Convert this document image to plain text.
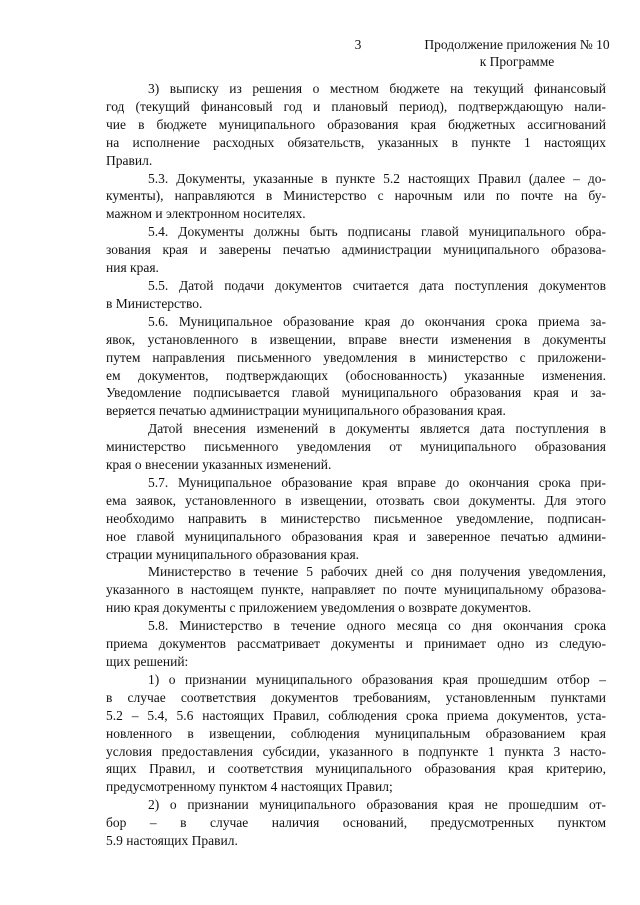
3	Продолжение приложения № 10
к Программе
3) выписку из решения о местном бюджете на текущий финансовый
год (текущий финансовый год и плановый период), подтверждающую нали-
чие в бюджете муниципального образования края бюджетных ассигнований
на исполнение расходных обязательств, указанных в пункте 1 настоящих
Правил.
5.3. Документы, указанные в пункте 5.2 настоящих Правил (далее – до-
кументы), направляются в Министерство с нарочным или по почте на бу-
мажном и электронном носителях.
5.4. Документы должны быть подписаны главой муниципального обра-
зования края и заверены печатью администрации муниципального образова-
ния края.
5.5. Датой подачи документов считается дата поступления документов
в Министерство.
5.6. Муниципальное образование края до окончания срока приема за-
явок, установленного в извещении, вправе внести изменения в документы
путем направления письменного уведомления в министерство с приложени-
ем документов, подтверждающих (обоснованность) указанные изменения.
Уведомление подписывается главой муниципального образования края и за-
веряется печатью администрации муниципального образования края.
Датой внесения изменений в документы является дата поступления в
министерство письменного уведомления от муниципального образования
края о внесении указанных изменений.
5.7. Муниципальное образование края вправе до окончания срока при-
ема заявок, установленного в извещении, отозвать свои документы. Для этого
необходимо направить в министерство письменное уведомление, подписан-
ное главой муниципального образования края и заверенное печатью админи-
страции муниципального образования края.
Министерство в течение 5 рабочих дней со дня получения уведомления,
указанного в настоящем пункте, направляет по почте муниципальному образова-
нию края документы с приложением уведомления о возврате документов.
5.8. Министерство в течение одного месяца со дня окончания срока
приема документов рассматривает документы и принимает одно из следую-
щих решений:
1) о признании муниципального образования края прошедшим отбор –
в случае соответствия документов требованиям, установленным пунктами
5.2 – 5.4, 5.6 настоящих Правил, соблюдения срока приема документов, уста-
новленного в извещении, соблюдения муниципальным образованием края
условия предоставления субсидии, указанного в подпункте 1 пункта 3 насто-
ящих Правил, и соответствия муниципального образования края критерию,
предусмотренному пунктом 4 настоящих Правил;
2) о признании муниципального образования края не прошедшим от-
бор – в случае наличия оснований, предусмотренных пунктом
5.9 настоящих Правил.
